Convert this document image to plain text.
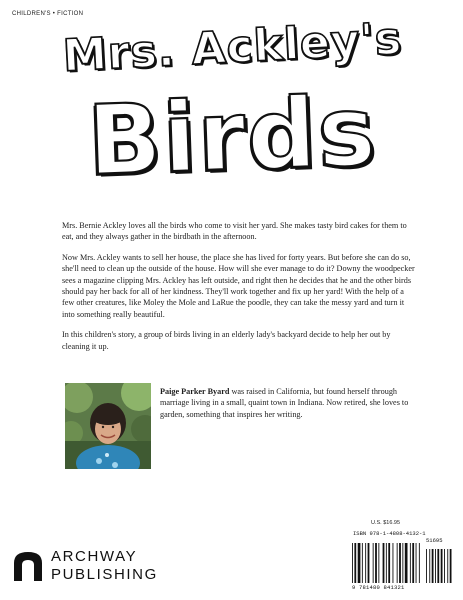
CHILDREN'S • FICTION
Mrs. Ackley's
Birds

Mrs. Bernie Ackley loves all the birds who come to visit her yard. She makes tasty bird cakes for them to eat, and they always gather in the birdbath in the afternoon.

Now Mrs. Ackley wants to sell her house, the place she has lived for forty years. But before she can do so, she'll need to clean up the outside of the house. How will she ever manage to do it? Downy the woodpecker sees a magazine clipping Mrs. Ackley has left outside, and right then he decides that he and the other birds should pay her back for all of her kindness. They'll work together and fix up her yard! With the help of a few other creatures, like Moley the Mole and LaRue the poodle, they can take the messy yard and turn it into something really beautiful.

In this children's story, a group of birds living in an elderly lady's backyard decide to help her out by cleaning it up.

Paige Parker Byard was raised in California, but found herself through marriage living in a small, quaint town in Indiana. Now retired, she loves to garden, something that inspires her writing.
U.S. $16.95
ISBN 978-1-4808-4132-1
51695
9 781480 841321
ARCHWAY
PUBLISHING
